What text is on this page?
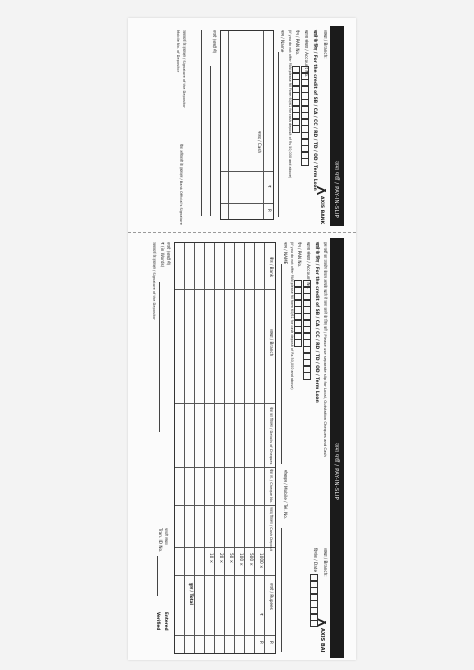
जमा पर्ची / PAY-IN-SLIP
शाखा / Branch:
AXIS BANK
खाते के लिए / For the credit of SB / CA / CC / RD / TD / OD / Term Loan
खाता संख्या / Account No.
पैन / PAN No.
(If you do not offer PAN please fill Form 60/61 for cash deposit of Rs 50,000 and above)
नाम / Name
नकद / Cash
₹
P.
रुपये (शब्दों में)
जमाकर्ता के हस्ताक्षर / Signature of the Depositor
Mobile No. of Depositor
बैंक अधिकारी के हस्ताक्षर / Bank Official's Signature
जमा पर्ची / PAY-IN-SLIP
AXIS BAI
इस पर्ची का उपयोग केवल आपके खाते में जमा करने के लिए करें / Please use separate slip for Local, Outstation Cheques and Cash
खाते के लिए / For the credit of SB / CA / CC / RD / TD / OD / Term Loan
शाखा / Branch:
दिनांक / Date
खाता संख्या / Account No.
पैन / PAN No.
(If you do not offer PAN please fill form 60/61 for cash deposit of Rs 50,000 and above)
नाम / NAME
मोबाइल / Mobile / Tel. No.
बैंक / Bank
शाखा / Branch
चेक का विवरण / Details of Cheques
चेक सं. / Cheque No.
नकद विवरण / Cash Deposit
रुपये / Rupees
P.
1000 ×
500 ×
100 ×
50 ×
20 ×
10 ×
कुल / Total
₹
P.
रुपये (शब्दों में)
₹ (in Words)
जमाकर्ता के हस्ताक्षर / Signature of the Depositor
पावती संख्या
Tran. ID No.
Entered
Verified
